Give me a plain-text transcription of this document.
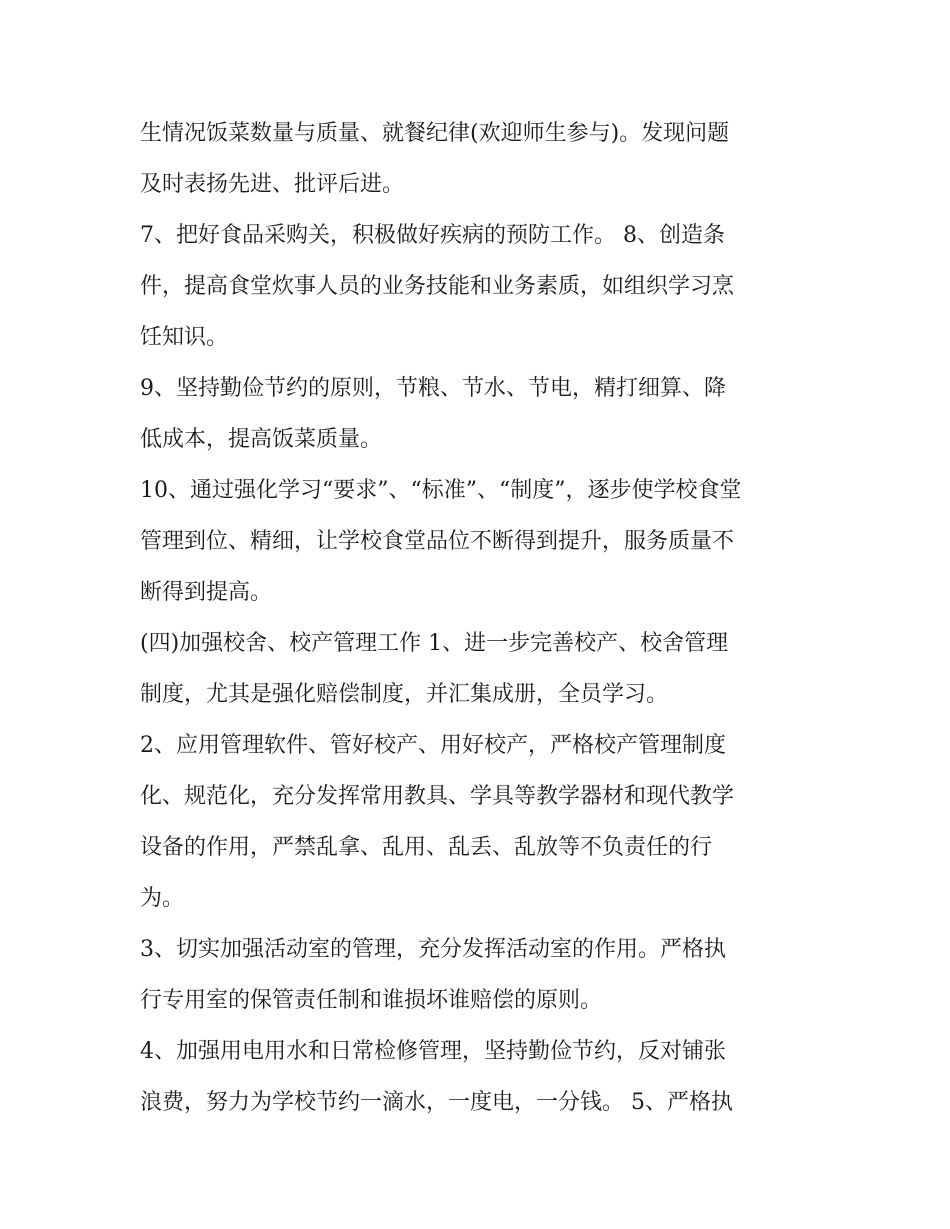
生情况饭菜数量与质量、就餐纪律(欢迎师生参与)。发现问题
及时表扬先进、批评后进。
7、把好食品采购关，积极做好疾病的预防工作。 8、创造条
件，提高食堂炊事人员的业务技能和业务素质，如组织学习烹
饪知识。
9、坚持勤俭节约的原则，节粮、节水、节电，精打细算、降
低成本，提高饭菜质量。
10、通过强化学习“要求”、“标准”、“制度”，逐步使学校食堂
管理到位、精细，让学校食堂品位不断得到提升，服务质量不
断得到提高。
(四)加强校舍、校产管理工作 1、进一步完善校产、校舍管理
制度，尤其是强化赔偿制度，并汇集成册，全员学习。
2、应用管理软件、管好校产、用好校产，严格校产管理制度
化、规范化，充分发挥常用教具、学具等教学器材和现代教学
设备的作用，严禁乱拿、乱用、乱丢、乱放等不负责任的行
为。
3、切实加强活动室的管理，充分发挥活动室的作用。严格执
行专用室的保管责任制和谁损坏谁赔偿的原则。
4、加强用电用水和日常检修管理，坚持勤俭节约，反对铺张
浪费，努力为学校节约一滴水，一度电，一分钱。 5、严格执
